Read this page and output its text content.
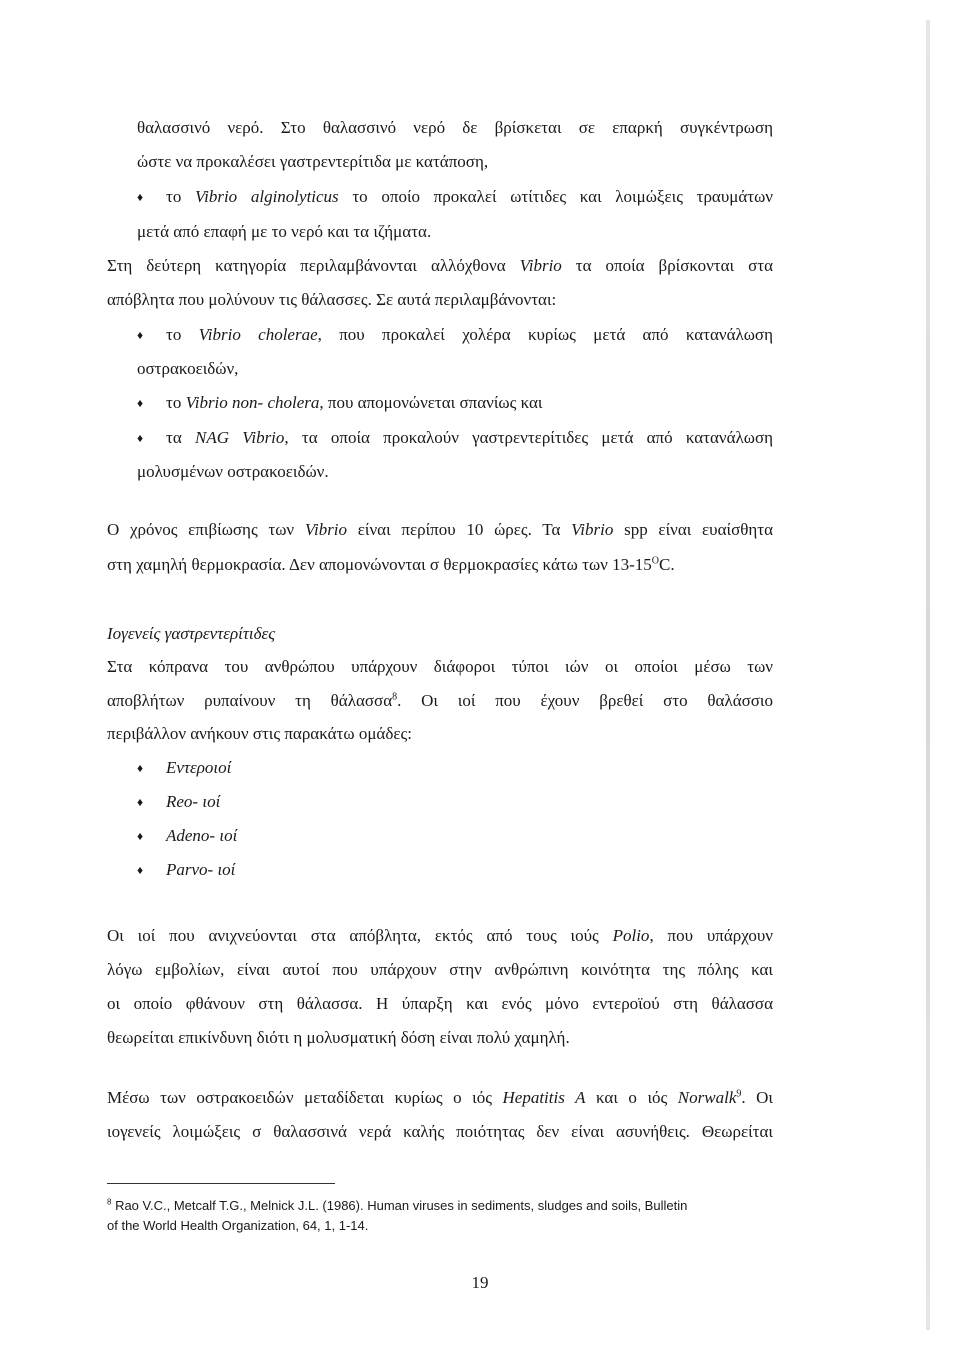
θαλασσινό νερό. Στο θαλασσινό νερό δε βρίσκεται σε επαρκή συγκέντρωση

ώστε να προκαλέσει γαστρεντερίτιδα με κατάποση,

♦ το Vibrio alginolyticus το οποίο προκαλεί ωτίτιδες και λοιμώξεις τραυμάτων

μετά από επαφή με το νερό και τα ιζήματα.

Στη δεύτερη κατηγορία περιλαμβάνονται αλλόχθονα Vibrio τα οποία βρίσκονται στα

απόβλητα που μολύνουν τις θάλασσες. Σε αυτά περιλαμβάνονται:

♦ το Vibrio cholerae, που προκαλεί χολέρα κυρίως μετά από κατανάλωση

οστρακοειδών,

♦ το Vibrio non- cholera, που απομονώνεται σπανίως και

♦ τα NAG Vibrio, τα οποία προκαλούν γαστρεντερίτιδες μετά από κατανάλωση

μολυσμένων οστρακοειδών.

Ο χρόνος επιβίωσης των Vibrio είναι περίπου 10 ώρες. Τα Vibrio spp είναι ευαίσθητα

στη χαμηλή θερμοκρασία. Δεν απομονώνονται σ θερμοκρασίες κάτω των $13-15^OC$.

Ιογενείς γαστρεντερίτιδες

Στα κόπρανα του ανθρώπου υπάρχουν διάφοροι τύποι ιών οι οποίοι μέσω των

αποβλήτων ρυπαίνουν τη θάλασσα$^8$. Οι ιοί που έχουν βρεθεί στο θαλάσσιο

περιβάλλον ανήκουν στις παρακάτω ομάδες:

♦ Εντεροιοί

♦ Reo- ιοί

♦ Adeno- ιοί

♦ Parvo- ιοί

Οι ιοί που ανιχνεύονται στα απόβλητα, εκτός από τους ιούς Polio, που υπάρχουν

λόγω εμβολίων, είναι αυτοί που υπάρχουν στην ανθρώπινη κοινότητα της πόλης και

οι οποίο φθάνουν στη θάλασσα. Η ύπαρξη και ενός μόνο εντεροϊού στη θάλασσα

θεωρείται επικίνδυνη διότι η μολυσματική δόση είναι πολύ χαμηλή.

Μέσω των οστρακοειδών μεταδίδεται κυρίως ο ιός Hepatitis A και ο ιός Norwalk$^9$. Οι

ιογενείς λοιμώξεις σ θαλασσινά νερά καλής ποιότητας δεν είναι ασυνήθεις. Θεωρείται

$^8$ Rao V.C., Metcalf T.G., Melnick J.L. (1986). Human viruses in sediments, sludges and soils, Bulletin

of the World Health Organization, 64, 1, 1-14.

19
